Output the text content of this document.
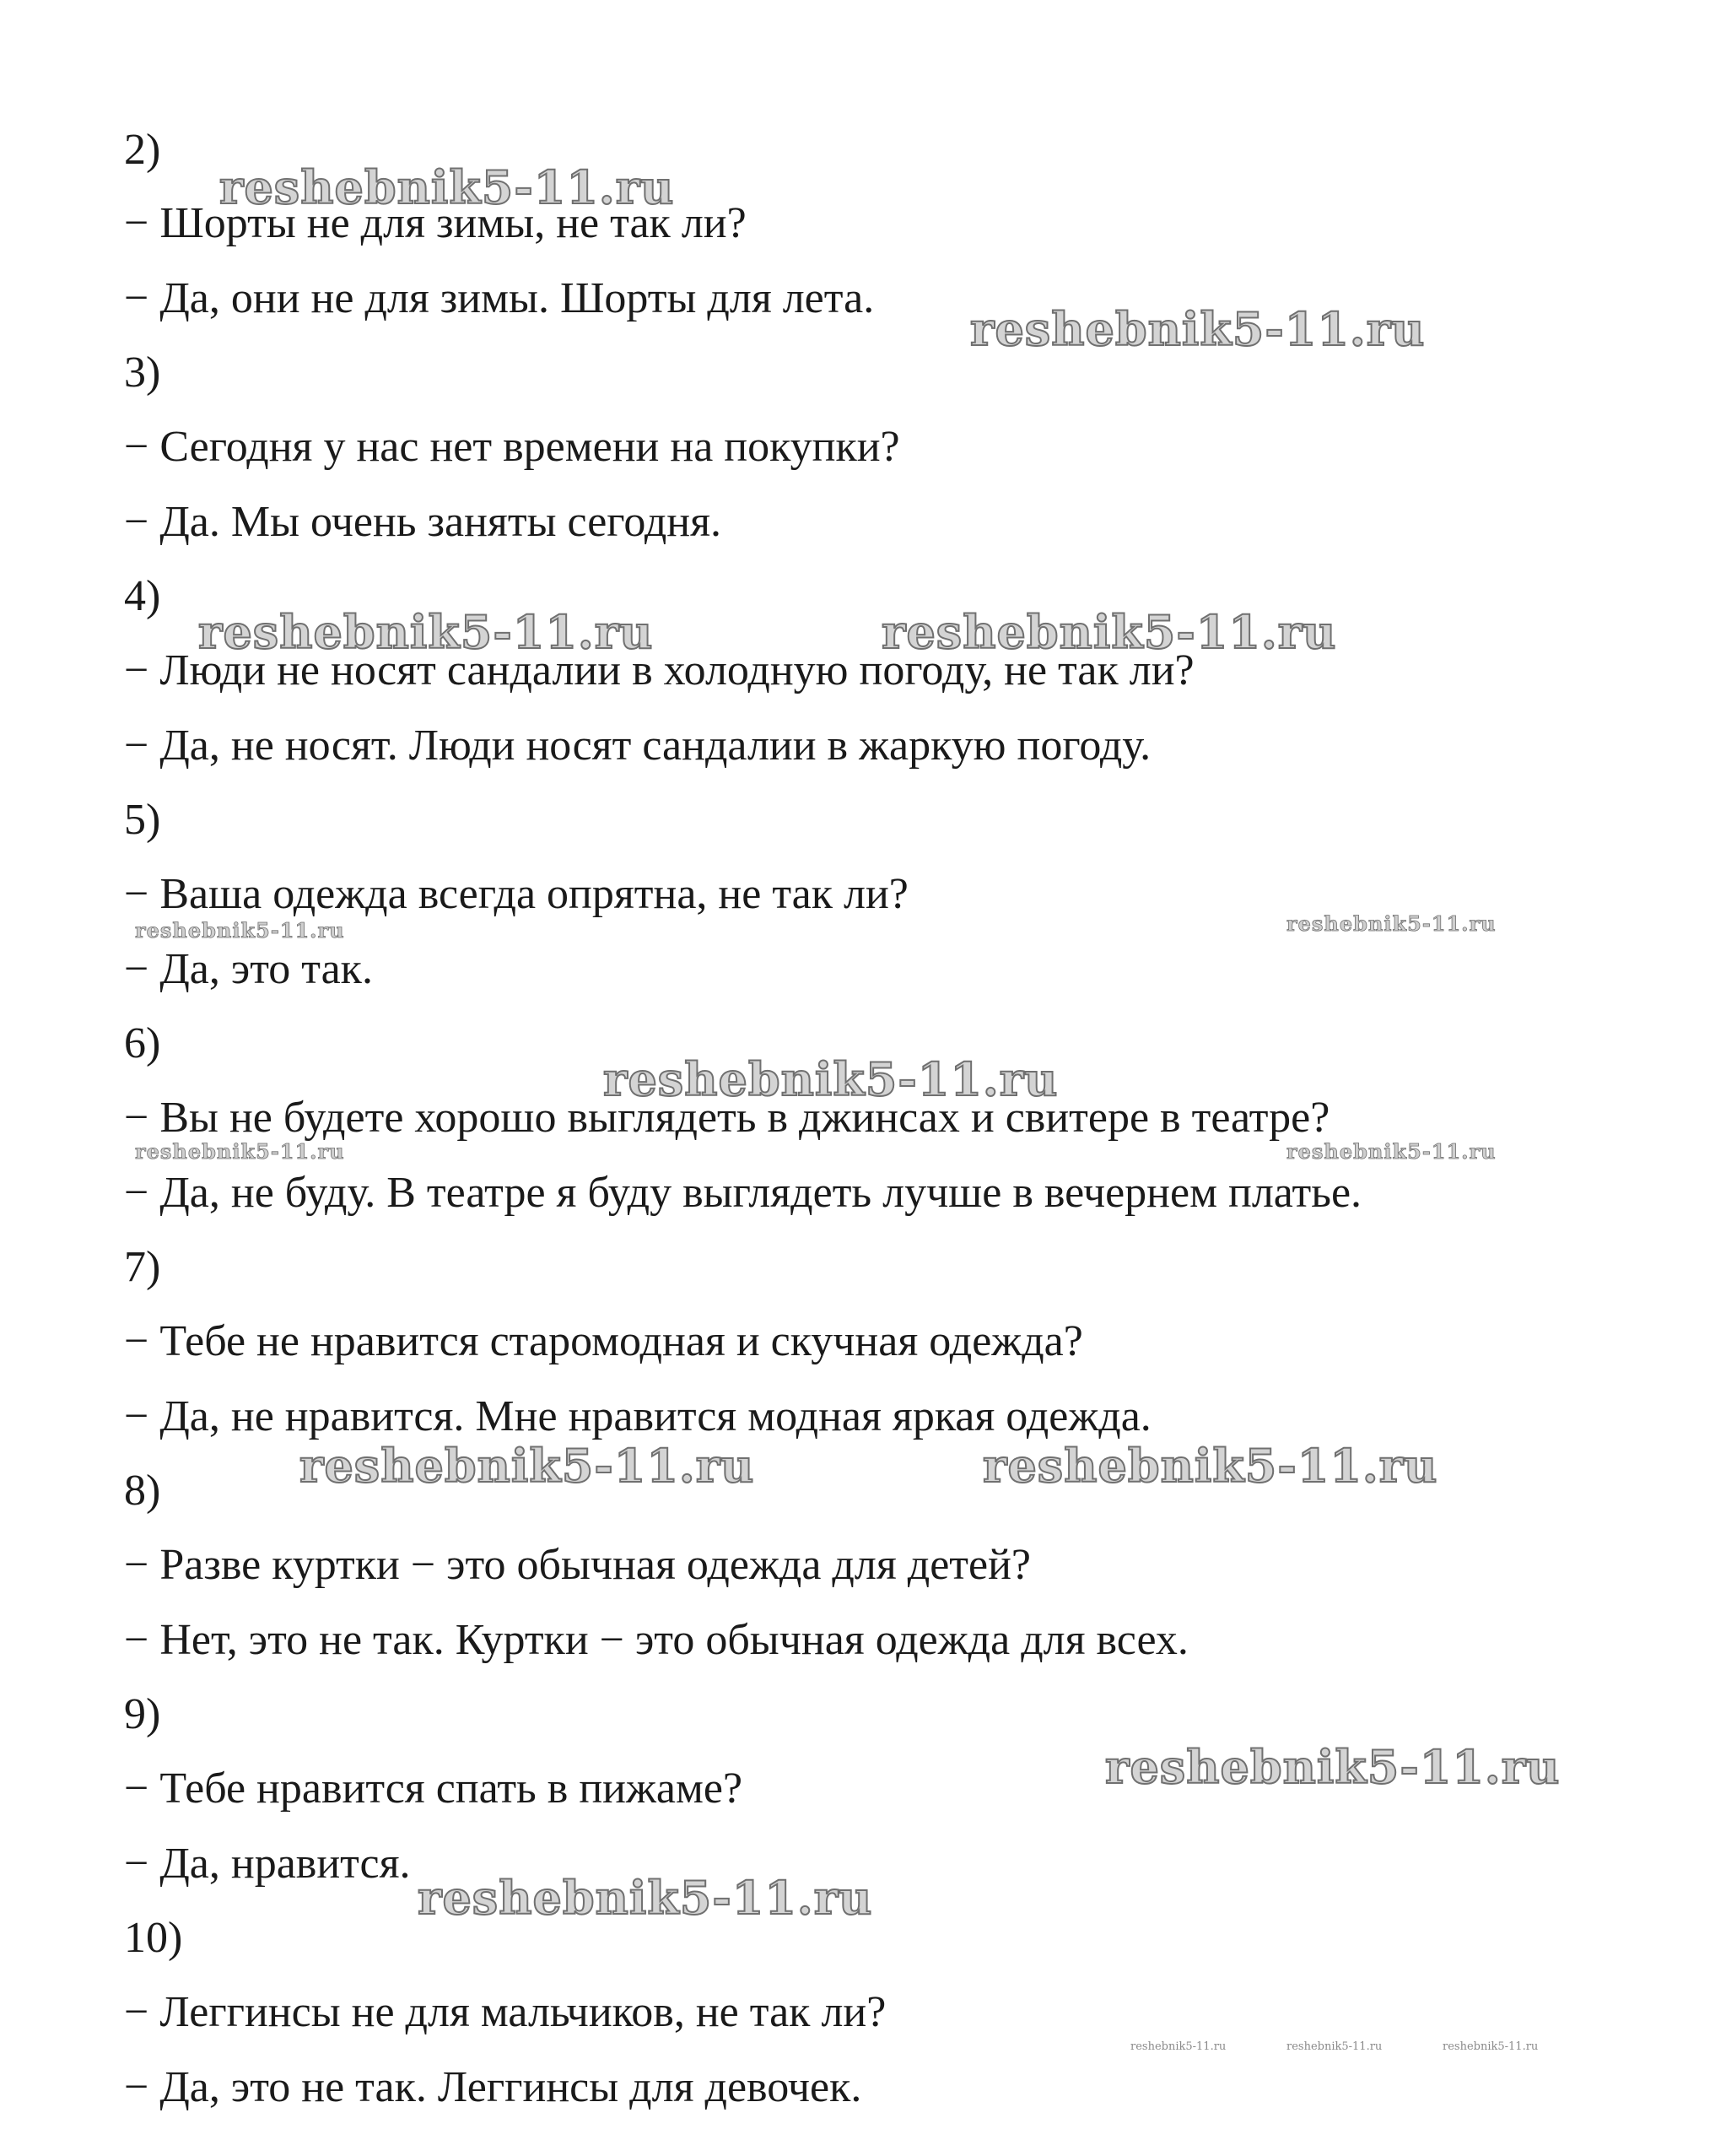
2)
− Шорты не для зимы, не так ли?
− Да, они не для зимы. Шорты для лета.
3)
− Сегодня у нас нет времени на покупки?
− Да. Мы очень заняты сегодня.
4)
− Люди не носят сандалии в холодную погоду, не так ли?
− Да, не носят. Люди носят сандалии в жаркую погоду.
5)
− Ваша одежда всегда опрятна, не так ли?
− Да, это так.
6)
− Вы не будете хорошо выглядеть в джинсах и свитере в театре?
− Да, не буду. В театре я буду выглядеть лучше в вечернем платье.
7)
− Тебе не нравится старомодная и скучная одежда?
− Да, не нравится. Мне нравится модная яркая одежда.
8)
− Разве куртки − это обычная одежда для детей?
− Нет, это не так. Куртки − это обычная одежда для всех.
9)
− Тебе нравится спать в пижаме?
− Да, нравится.
10)
− Леггинсы не для мальчиков, не так ли?
− Да, это не так. Леггинсы для девочек.
reshebnik5-11.ru
reshebnik5-11.ru
reshebnik5-11.ru	reshebnik5-11.ru
reshebnik5-11.ru	reshebnik5-11.ru
reshebnik5-11.ru
reshebnik5-11.ru	reshebnik5-11.ru
reshebnik5-11.ru	reshebnik5-11.ru
reshebnik5-11.ru
reshebnik5-11.ru
reshebnik5-11.ru	reshebnik5-11.ru	reshebnik5-11.ru
